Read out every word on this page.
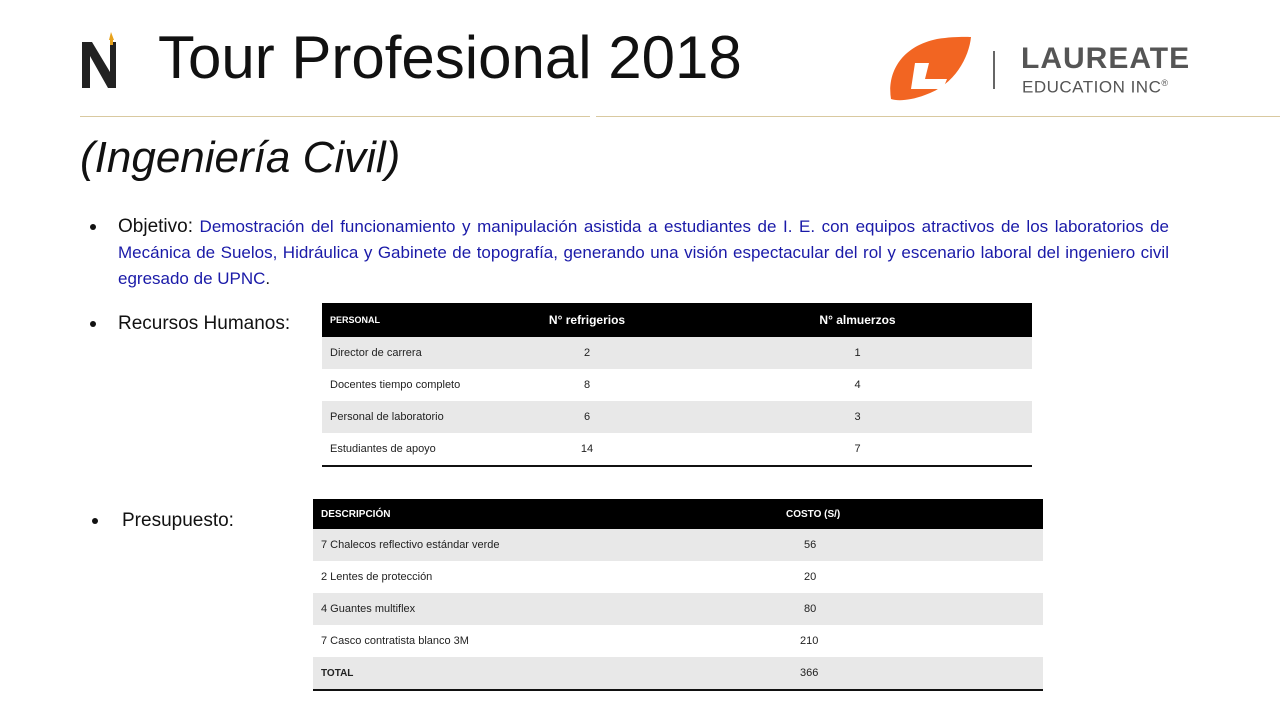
Tour Profesional 2018
(Ingeniería Civil)
LAUREATE
EDUCATION INC®
Objetivo: Demostración del funcionamiento y manipulación asistida a estudiantes de I. E. con equipos atractivos de los laboratorios de Mecánica de Suelos, Hidráulica y Gabinete de topografía, generando una visión espectacular del rol y escenario laboral del ingeniero civil egresado de UPNC.
Recursos Humanos:	PERSONAL	N° refrigerios	N° almuerzos
Director de carrera	2	1
Docentes tiempo completo	8	4
Personal de laboratorio	6	3
Estudiantes de apoyo	14	7
Presupuesto:	DESCRIPCIÓN	COSTO (S/)
7 Chalecos reflectivo estándar verde	56
2 Lentes de protección	20
4 Guantes multiflex	80
7 Casco contratista blanco 3M	210
TOTAL	366
